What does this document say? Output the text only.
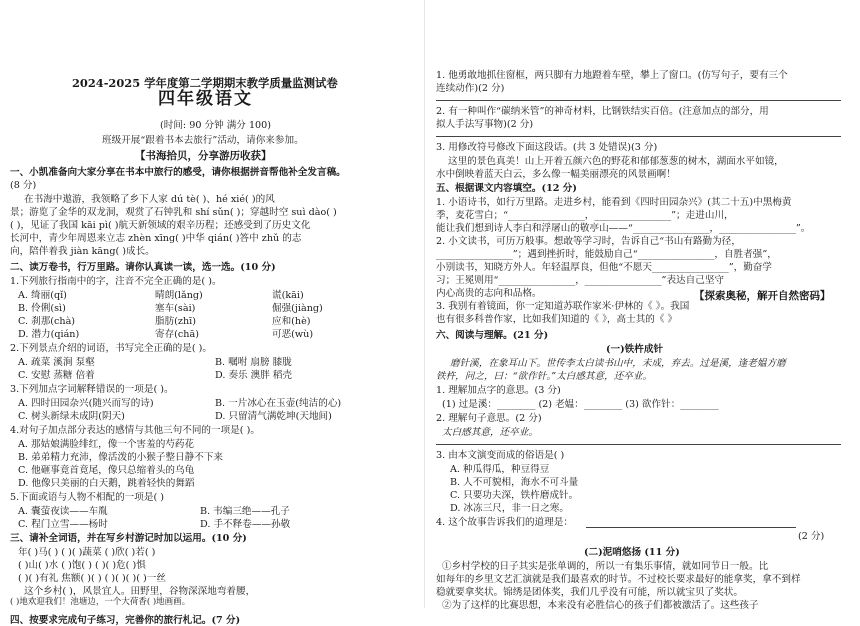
2024-2025 学年度第二学期期末教学质量监测试卷
四年级语文
(时间: 90 分钟 满分 100)
班级开展“跟着书本去旅行”活动，请你来参加。
【书海拾贝，分享游历收获】
一、小凯准备向大家分享在书本中旅行的感受，请你根据拼音帮他补全发言稿。
(8 分)
在书海中遨游，我领略了乡下人家 dú tè( )、hé xié( )的风
景；游览了金华的双龙洞，观赏了石钟乳和 shí sǔn( )；穿越时空 suì dào( )
( )，见证了我国 kāi pì( )航天新领域的艰辛历程；还感受到了历史文化
长河中，青少年周恩来立志 zhèn xīng( )中华 qián( )答中 zhǔ 的志
向，陪伴着我 jiàn kāng( )成长。
二、读万卷书，行万里路。请你认真读一读，选一选。(10 分)
1.下列旅行指南中的字，注音不完全正确的是( )。
A. 绮丽(qǐ)	晴朗(lǎng)	谎(kāi)
B. 伶俐(sì)	塞车(sài)	倔强(jiàng)
C. 刹那(chà)	脂肪(zhī)	应和(hè)
D. 潜力(qián)	寄存(chā)	可恶(wù)
2.下列景点介绍的词语，书写完全正确的是( )。
A. 疏菜 溪涧 泵壑	B. 嘱咐 扇膀 膝胧
C. 安慰 蒸糖 倍着	D. 奏乐 澳胖 稻壳
3.下列加点字词解释错误的一项是( )。
A. 四时田园杂兴(随兴而写的诗)	B. 一片冰心在玉壶(纯洁的心)
C. 树头新绿未成阴(阴天)	D. 只留清气满乾坤(天地间)
4.对句子加点部分表达的感情与其他三句不同的一项是( )。
A. 那姑娘满脸绯红，像一个害羞的芍药花
B. 弟弟精力充沛，像活泼的小猴子整日静不下来
C. 他砸事竟首竟尾，像只总缩着头的乌龟
D. 他像只美丽的白天鹅，跳着轻快的舞蹈
5.下面或语与人物不相配的一项是( )
A. 囊萤夜读——车胤	B. 韦编三绝——孔子
C. 程门立雪——杨时	D. 手不释卷——孙敬
三、请补全词语，并在写乡村游记时加以运用。(10 分)
年( )马( ) ( )( )蔬菜 ( )欣( )若( )
( )山( )水 ( )饱( ) ( )( )危( )惧
( )( )有礼 焦额( )( ) ( )( )( )( )一丝
这个乡村( )，风景宜人。田野里，谷物深深地弯着腰，
( )地欢迎我们！池塘边，一个大荷香( )地画画。
四、按要求完成句子练习，完善你的旅行札记。(7 分)
1. 他勇敢地抓住窗框，两只脚有力地蹬着车壁，攀上了窗口。(仿写句子，要有三个
连续动作)(2 分)
2. 有一种叫作“碳纳米管”的神奇材料，比钢铁结实百倍。(注意加点的部分，用
拟人手法写事物)(2 分)
3. 用修改符号修改下面这段话。(共 3 处错误)(3 分)
这里的景色真美！山上开着五颜六色的野花和郁郁葱葱的树木，湖面水平如镜，
水中倒映着蓝天白云，多么像一幅美丽漂亮的风景画啊！
五、根据课文内容填空。(12 分)
1. 小语诗书，如行万里路。走进乡村，能看到《四时田园杂兴》(其二十五)中黑梅黄
季，麦花雪白；“________________，________________”；走进山川，
能让我们想到诗人李白和浮屠山的敬亭山——“________________，________________”。
2. 小文读书，可历万般事。想敢等学习时，告诉自己“书山有路勤为径，
________________”；遇到挫折时，能鼓励自己“________________，自胜者强”，
小别读书，知晓方外人。年轻温厚良，但他“不愿天________________”，勤奋学
习；王冕则用“________________，________________”表达自己坚守
内心高贵的志向和品格。
3. 我别有着镜面，你一定知道苏联作家米·伊林的《 》。我国
也有很多科普作家，比如我们知道的《 》，高士其的《 》
【探索奥秘，解开自然密码】
六、阅读与理解。(21 分)
(一)铁杵成针
磨针溪，在象耳山下。世传李太白读书山中，未成，弃去。过是溪，逢老媪方磨
铁杵，问之，曰：“欲作针。”太白感其意，还卒业。
1. 理解加点字的意思。(3 分)
(1) 过是溪：________ (2) 老媪：________ (3) 欲作针：________
2. 理解句子意思。(2 分)
太白感其意，还卒业。
3. 由本文演变而成的俗语是( )
A. 种瓜得瓜，种豆得豆
B. 人不可貌相，海水不可斗量
C. 只要功夫深，铁杵磨成针。
D. 冰冻三尺，非一日之寒。
4. 这个故事告诉我们的道理是：
(2 分)
(二)泥哨悠扬 (11 分)
①乡村学校的日子其实是张单调的，所以一有集乐事情，就如同节日一般。比
如每年的乡里文艺汇演就是我们最喜欢的时节。不过校长要求最好的能拿奖，拿不到样
稳就要拿奖状。锦绣是团体奖，我们几乎没有可能，所以就宝贝了奖状。
②为了这样的比赛思想，本来没有必胜信心的孩子们都被激活了。这些孩子
